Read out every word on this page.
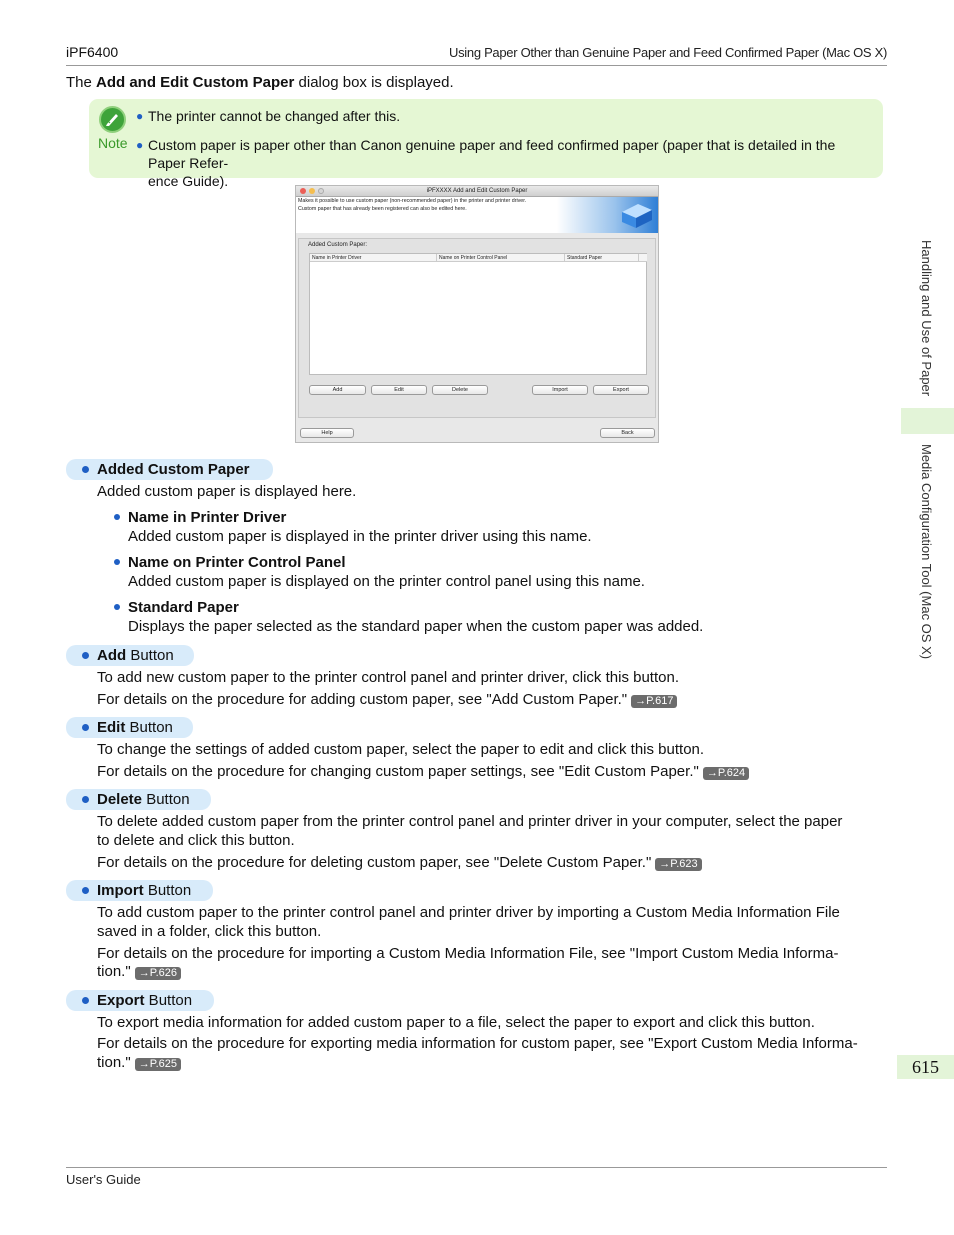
iPF6400	Using Paper Other than Genuine Paper and Feed Confirmed Paper (Mac OS X)
The Add and Edit Custom Paper dialog box is displayed.
Note
● The printer cannot be changed after this.
● Custom paper is paper other than Canon genuine paper and feed confirmed paper (paper that is detailed in the Paper Refer-
ence Guide).
iPFXXXX Add and Edit Custom Paper
Makes it possible to use custom paper (non-recommended paper) in the printer and printer driver.
Custom paper that has already been registered can also be edited here.
Added Custom Paper:
Name in Printer Driver	Name on Printer Control Panel	Standard Paper
Add	Edit	Delete	Import	Export
Help	Back
Added Custom Paper
Added custom paper is displayed here.
Name in Printer Driver
Added custom paper is displayed in the printer driver using this name.
Name on Printer Control Panel
Added custom paper is displayed on the printer control panel using this name.
Standard Paper
Displays the paper selected as the standard paper when the custom paper was added.
Add Button
To add new custom paper to the printer control panel and printer driver, click this button.
For details on the procedure for adding custom paper, see "Add Custom Paper." →P.617
Edit Button
To change the settings of added custom paper, select the paper to edit and click this button.
For details on the procedure for changing custom paper settings, see "Edit Custom Paper." →P.624
Delete Button
To delete added custom paper from the printer control panel and printer driver in your computer, select the paper
to delete and click this button.
For details on the procedure for deleting custom paper, see "Delete Custom Paper." →P.623
Import Button
To add custom paper to the printer control panel and printer driver by importing a Custom Media Information File
saved in a folder, click this button.
For details on the procedure for importing a Custom Media Information File, see "Import Custom Media Informa-
tion." →P.626
Export Button
To export media information for added custom paper to a file, select the paper to export and click this button.
For details on the procedure for exporting media information for custom paper, see "Export Custom Media Informa-
tion." →P.625
Handling and Use of Paper
Media Configuration Tool (Mac OS X)
615
User's Guide
